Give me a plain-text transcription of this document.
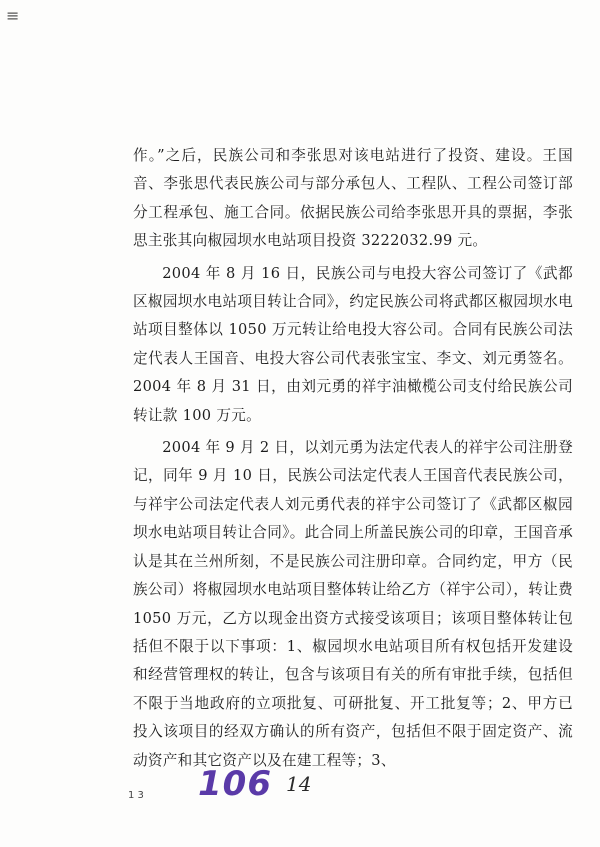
≡

作。”之后，民族公司和李张思对该电站进行了投资、建设。王国音、李张思代表民族公司与部分承包人、工程队、工程公司签订部分工程承包、施工合同。依据民族公司给李张思开具的票据，李张思主张其向椒园坝水电站项目投资 3222032.99 元。

2004 年 8 月 16 日，民族公司与电投大容公司签订了《武都区椒园坝水电站项目转让合同》，约定民族公司将武都区椒园坝水电站项目整体以 1050 万元转让给电投大容公司。合同有民族公司法定代表人王国音、电投大容公司代表张宝宝、李文、刘元勇签名。2004 年 8 月 31 日，由刘元勇的祥宇油橄榄公司支付给民族公司转让款 100 万元。

2004 年 9 月 2 日，以刘元勇为法定代表人的祥宇公司注册登记，同年 9 月 10 日，民族公司法定代表人王国音代表民族公司，与祥宇公司法定代表人刘元勇代表的祥宇公司签订了《武都区椒园坝水电站项目转让合同》。此合同上所盖民族公司的印章，王国音承认是其在兰州所刻，不是民族公司注册印章。合同约定，甲方（民族公司）将椒园坝水电站项目整体转让给乙方（祥宇公司），转让费 1050 万元，乙方以现金出资方式接受该项目；该项目整体转让包括但不限于以下事项：1、椒园坝水电站项目所有权包括开发建设和经营管理权的转让，包含与该项目有关的所有审批手续，包括但不限于当地政府的立项批复、可研批复、开工批复等；2、甲方已投入该项目的经双方确认的所有资产，包括但不限于固定资产、流动资产和其它资产以及在建工程等；3、

1 3 106 14
